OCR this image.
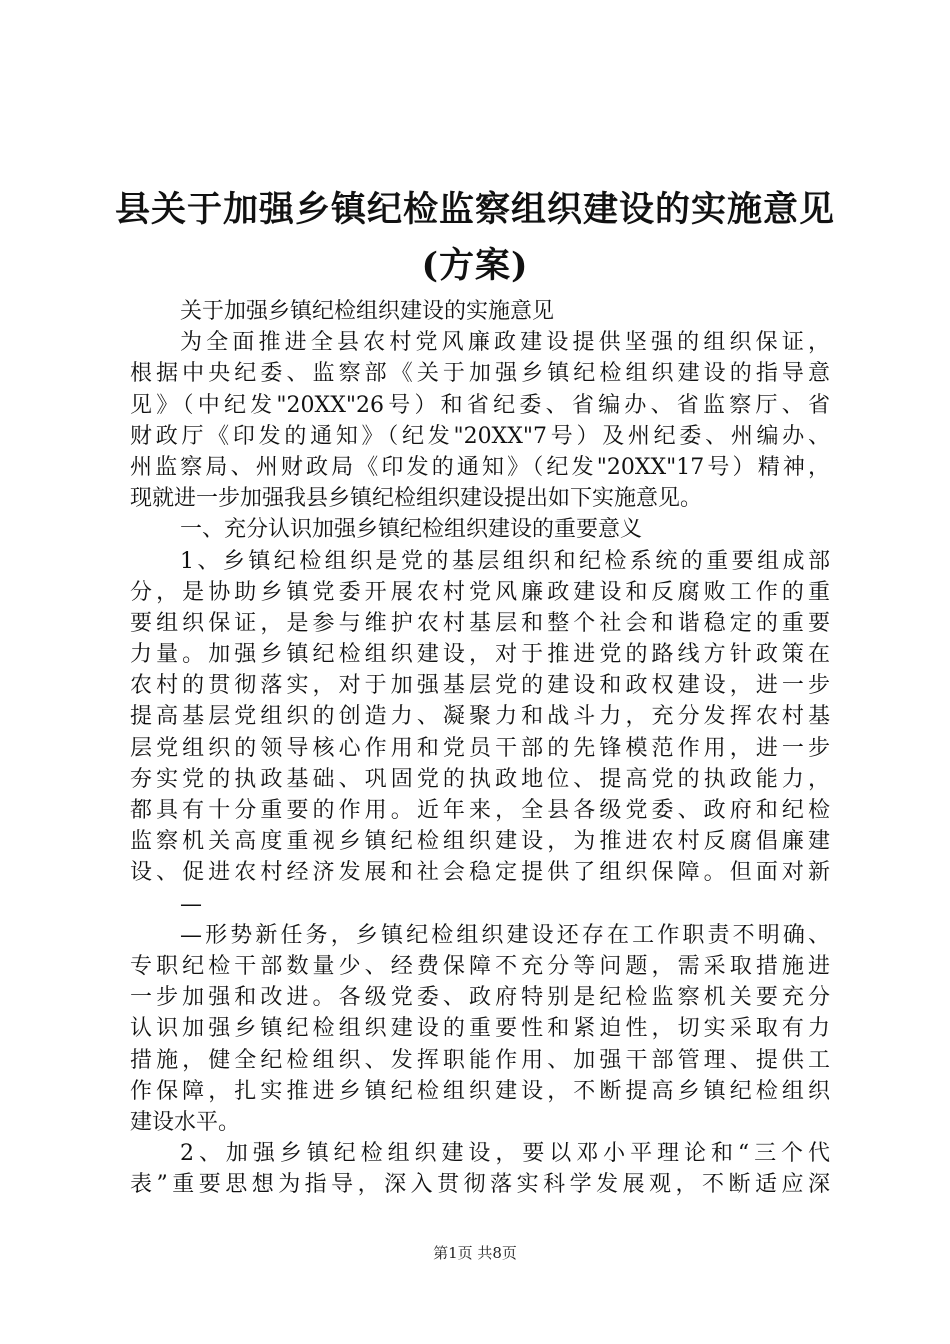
县关于加强乡镇纪检监察组织建设的实施意见
(方案)
关于加强乡镇纪检组织建设的实施意见
为全面推进全县农村党风廉政建设提供坚强的组织保证，
根据中央纪委、监察部《关于加强乡镇纪检组织建设的指导意
见》（中纪发"20XX"26号）和省纪委、省编办、省监察厅、省
财政厅《印发的通知》（纪发"20XX"7号）及州纪委、州编办、
州监察局、州财政局《印发的通知》（纪发"20XX"17号）精神，
现就进一步加强我县乡镇纪检组织建设提出如下实施意见。
一、充分认识加强乡镇纪检组织建设的重要意义
1、乡镇纪检组织是党的基层组织和纪检系统的重要组成部
分，是协助乡镇党委开展农村党风廉政建设和反腐败工作的重
要组织保证，是参与维护农村基层和整个社会和谐稳定的重要
力量。加强乡镇纪检组织建设，对于推进党的路线方针政策在
农村的贯彻落实，对于加强基层党的建设和政权建设，进一步
提高基层党组织的创造力、凝聚力和战斗力，充分发挥农村基
层党组织的领导核心作用和党员干部的先锋模范作用，进一步
夯实党的执政基础、巩固党的执政地位、提高党的执政能力，
都具有十分重要的作用。近年来，全县各级党委、政府和纪检
监察机关高度重视乡镇纪检组织建设，为推进农村反腐倡廉建
设、促进农村经济发展和社会稳定提供了组织保障。但面对新
—
—形势新任务，乡镇纪检组织建设还存在工作职责不明确、
专职纪检干部数量少、经费保障不充分等问题，需采取措施进
一步加强和改进。各级党委、政府特别是纪检监察机关要充分
认识加强乡镇纪检组织建设的重要性和紧迫性，切实采取有力
措施，健全纪检组织、发挥职能作用、加强干部管理、提供工
作保障，扎实推进乡镇纪检组织建设，不断提高乡镇纪检组织
建设水平。
2、加强乡镇纪检组织建设，要以邓小平理论和“三个代
表”重要思想为指导，深入贯彻落实科学发展观，不断适应深
第1页 共8页
